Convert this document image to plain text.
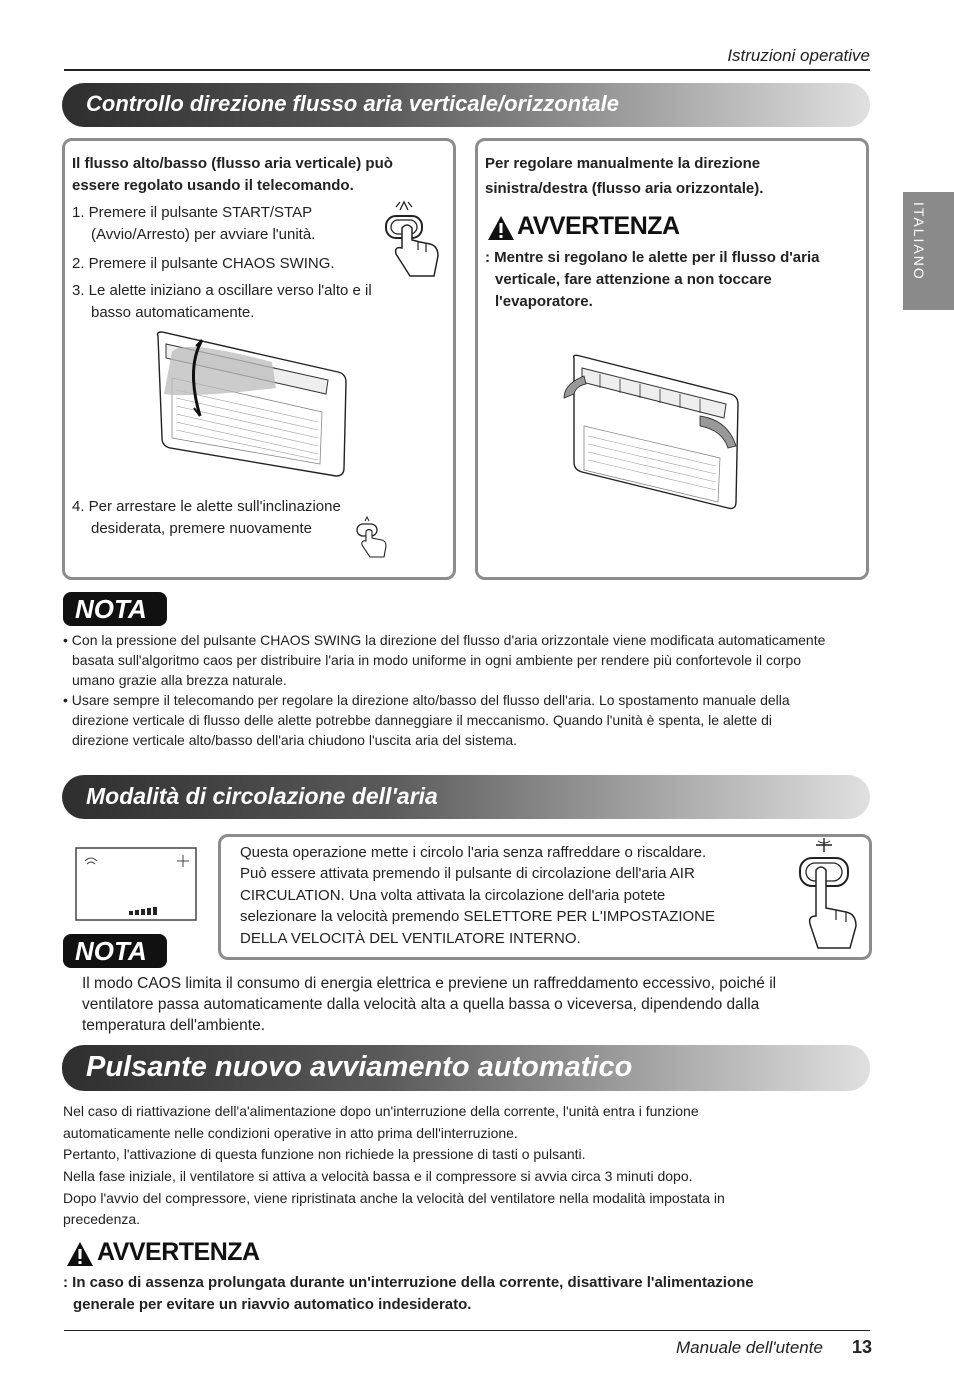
Istruzioni operative
ITALIANO
Controllo direzione flusso aria verticale/orizzontale
Il flusso alto/basso (flusso aria verticale) può
essere regolato usando il telecomando.
1. Premere il pulsante START/STAP
(Avvio/Arresto) per avviare l'unità.
2. Premere il pulsante CHAOS SWING.
3. Le alette iniziano a oscillare verso l'alto e il
basso automaticamente.
4. Per arrestare le alette sull'inclinazione
desiderata, premere nuovamente
Per regolare manualmente la direzione
sinistra/destra (flusso aria orizzontale).
AVVERTENZA
: Mentre si regolano le alette per il flusso d'aria
verticale, fare attenzione a non toccare
l'evaporatore.
NOTA
• Con la pressione del pulsante CHAOS SWING la direzione del flusso d'aria orizzontale viene modificata automaticamente
basata sull'algoritmo caos per distribuire l'aria in modo uniforme in ogni ambiente per rendere più confortevole il corpo
umano grazie alla brezza naturale.
• Usare sempre il telecomando per regolare la direzione alto/basso del flusso dell'aria. Lo spostamento manuale della
direzione verticale di flusso delle alette potrebbe danneggiare il meccanismo. Quando l'unità è spenta, le alette di
direzione verticale alto/basso dell'aria chiudono l'uscita aria del sistema.
Modalità di circolazione dell'aria
Questa operazione mette i circolo l'aria senza raffreddare o riscaldare.
Può essere attivata premendo il pulsante di circolazione dell'aria AIR
CIRCULATION. Una volta attivata la circolazione dell'aria potete
selezionare la velocità premendo SELETTORE PER L'IMPOSTAZIONE
DELLA VELOCITÀ DEL VENTILATORE INTERNO.
NOTA
Il modo CAOS limita il consumo di energia elettrica e previene un raffreddamento eccessivo, poiché il
ventilatore passa automaticamente dalla velocità alta a quella bassa o viceversa, dipendendo dalla
temperatura dell'ambiente.
Pulsante nuovo avviamento automatico
Nel caso di riattivazione dell'a'alimentazione dopo un'interruzione della corrente, l'unità entra i funzione
automaticamente nelle condizioni operative in atto prima dell'interruzione.
Pertanto, l'attivazione di questa funzione non richiede la pressione di tasti o pulsanti.
Nella fase iniziale, il ventilatore si attiva a velocità bassa e il compressore si avvia circa 3 minuti dopo.
Dopo l'avvio del compressore, viene ripristinata anche la velocità del ventilatore nella modalità impostata in
precedenza.
AVVERTENZA
: In caso di assenza prolungata durante un'interruzione della corrente, disattivare l'alimentazione
generale per evitare un riavvio automatico indesiderato.
Manuale dell'utente 13
